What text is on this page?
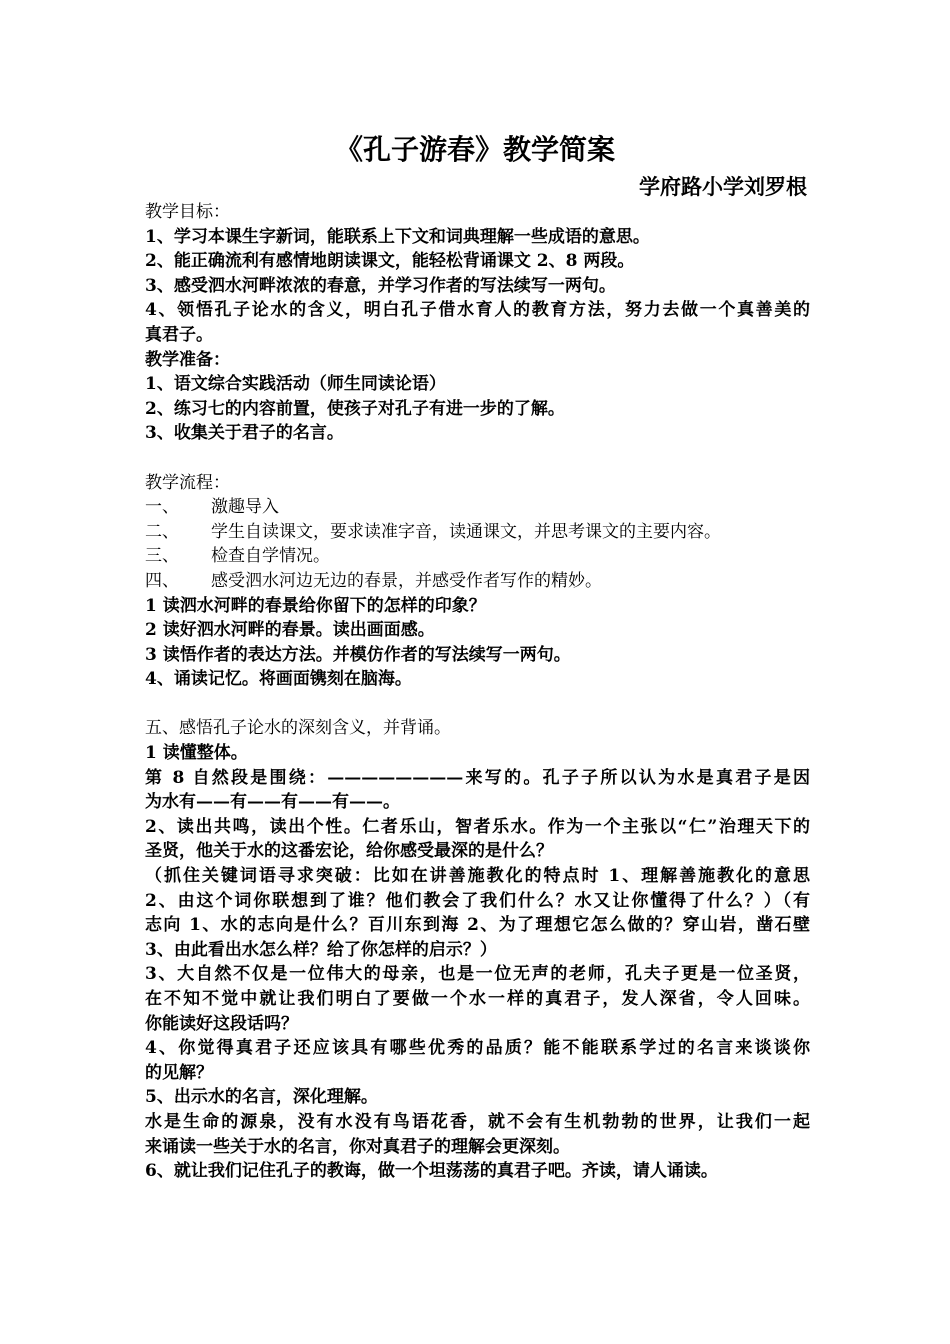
《孔子游春》教学简案
学府路小学刘罗根
教学目标：
1、学习本课生字新词，能联系上下文和词典理解一些成语的意思。
2、能正确流利有感情地朗读课文，能轻松背诵课文 2、8 两段。
3、感受泗水河畔浓浓的春意，并学习作者的写法续写一两句。
4、领悟孔子论水的含义，明白孔子借水育人的教育方法，努力去做一个真善美的
真君子。
教学准备：
1、语文综合实践活动（师生同读论语）
2、练习七的内容前置，使孩子对孔子有进一步的了解。
3、收集关于君子的名言。
教学流程：
一、 激趣导入
二、 学生自读课文，要求读准字音，读通课文，并思考课文的主要内容。
三、 检查自学情况。
四、 感受泗水河边无边的春景，并感受作者写作的精妙。
1 读泗水河畔的春景给你留下的怎样的印象？
2 读好泗水河畔的春景。读出画面感。
3 读悟作者的表达方法。并模仿作者的写法续写一两句。
4、诵读记忆。将画面镌刻在脑海。
五、感悟孔子论水的深刻含义，并背诵。
1 读懂整体。
第 8 自然段是围绕：————————来写的。孔子子所以认为水是真君子是因
为水有——有——有——有——。
2、读出共鸣，读出个性。仁者乐山，智者乐水。作为一个主张以“仁”治理天下的
圣贤，他关于水的这番宏论，给你感受最深的是什么？
（抓住关键词语寻求突破：比如在讲善施教化的特点时 1、理解善施教化的意思
2、由这个词你联想到了谁？他们教会了我们什么？水又让你懂得了什么？）（有
志向 1、水的志向是什么？百川东到海 2、为了理想它怎么做的？穿山岩，凿石壁
3、由此看出水怎么样？给了你怎样的启示？）
3、大自然不仅是一位伟大的母亲，也是一位无声的老师，孔夫子更是一位圣贤，
在不知不觉中就让我们明白了要做一个水一样的真君子，发人深省，令人回味。
你能读好这段话吗？
4、你觉得真君子还应该具有哪些优秀的品质？能不能联系学过的名言来谈谈你
的见解？
5、出示水的名言，深化理解。
水是生命的源泉，没有水没有鸟语花香，就不会有生机勃勃的世界，让我们一起
来诵读一些关于水的名言，你对真君子的理解会更深刻。
6、就让我们记住孔子的教诲，做一个坦荡荡的真君子吧。齐读，请人诵读。
